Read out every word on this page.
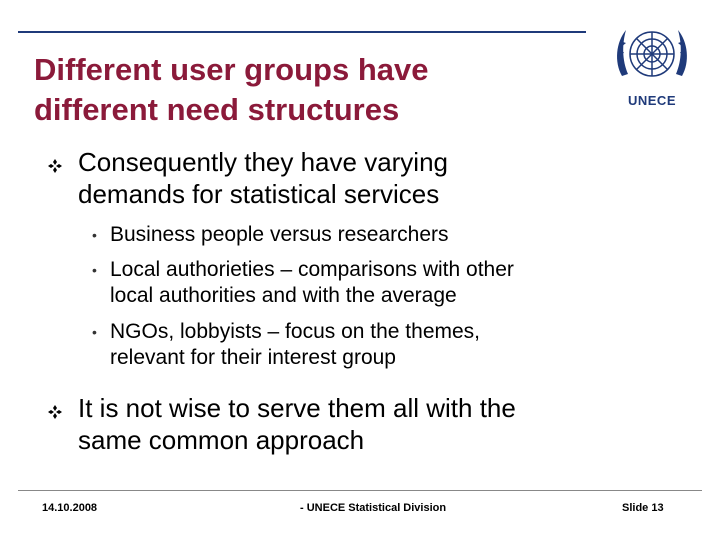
Different user groups have
different need structures	UNECE
Consequently they have varying
demands for statistical services
• Business people versus researchers
• Local authorieties – comparisons with other
local authorities and with the average
• NGOs, lobbyists – focus on the themes,
relevant for their interest group
It is not wise to serve them all with the
same common approach
14.10.2008	- UNECE Statistical Division	Slide 13
